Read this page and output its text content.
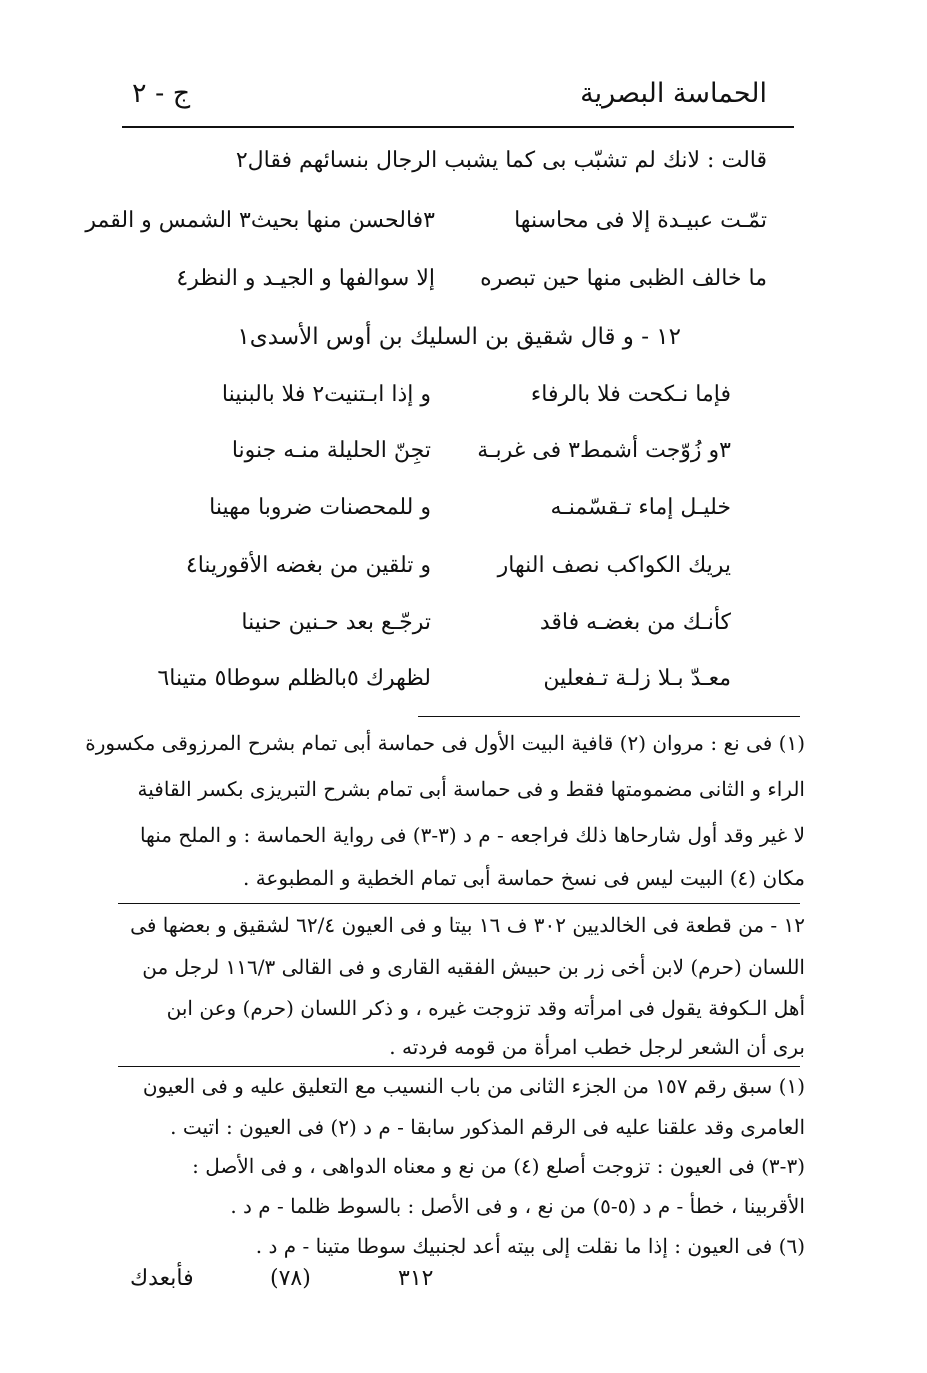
الحماسة البصرية
ج - ٢
قالت : لانك لم تشبّب بى كما يشبب الرجال بنسائهم فقال٢
تمّـت عبيـدة إلا فى محاسنها
٣فالحسن منها بحيث٣ الشمس و القمر
ما خالف الظبى منها حين تبصره
إلا سوالفها و الجيـد و النظر٤
١٢ - و قال شقيق بن السليك بن أوس الأسدى١
فإما نـكحت فلا بالرفاء
و إذا ابـتنيت٢ فلا بالبنينا
٣و زُوّجت أشمط٣ فى غربـة
تجِنّ الحليلة منـه جنونا
خليـل إماء تـقسّمنـه
و للمحصنات ضروبا مهينا
يريك الكواكب نصف النهار
و تلقين من بغضه الأقورينا٤
كأنـك من بغضـه فاقد
ترجّـع بعد حـنين حنينا
معـدّ بـلا زلـة تـفعلين
لظهرك ٥بالظلم سوطا٥ متينا٦
(١) فى نع : مروان (٢) قافية البيت الأول فى حماسة أبى تمام بشرح المرزوقى مكسورة
الراء و الثانى مضمومتها فقط و فى حماسة أبى تمام بشرح التبريزى بكسر القافية
لا غير وقد أول شارحاها ذلك فراجعه - م د (٣-٣) فى رواية الحماسة : و الملح منها
مكان (٤) البيت ليس فى نسخ حماسة أبى تمام الخطية و المطبوعة .
١٢ - من قطعة فى الخالديين ٣٠٢ ف ١٦ بيتا و فى العيون ٦٢/٤ لشقيق و بعضها فى
اللسان (حرم) لابن أخى زر بن حبيش الفقيه القارى و فى القالى ١١٦/٣ لرجل من
أهل الـكوفة يقول فى امرأته وقد تزوجت غيره ، و ذكر اللسان (حرم) وعن ابن
برى أن الشعر لرجل خطب امرأة من قومه فردته .
(١) سبق رقم ١٥٧ من الجزء الثانى من باب النسيب مع التعليق عليه و فى العيون
العامرى وقد علقنا عليه فى الرقم المذكور سابقا - م د (٢) فى العيون : اتيت .
(٣-٣) فى العيون : تزوجت أصلع (٤) من نع و معناه الدواهى ، و فى الأصل :
الأقربينا ، خطأ - م د (٥-٥) من نع ، و فى الأصل : بالسوط ظلما - م د .
(٦) فى العيون : إذا ما نقلت إلى بيته أعد لجنبيك سوطا متينا - م د .
فأبعدك	(٧٨)	٣١٢
